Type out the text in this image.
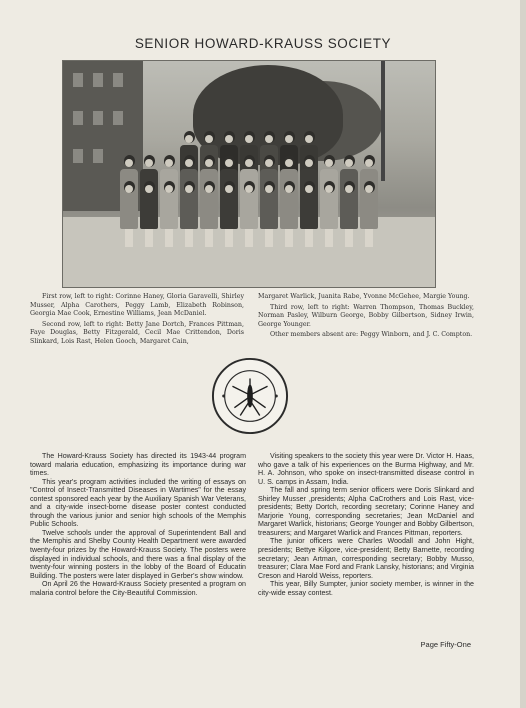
SENIOR HOWARD-KRAUSS SOCIETY

First row, left to right: Corinne Haney, Gloria Garavelli, Shirley Musser, Alpha Carothers, Peggy Lamb, Elizabeth Robinson, Georgia Mae Cook, Ernestine Williams, Jean McDaniel.

Second row, left to right: Betty Jane Dortch, Frances Pittman, Faye Douglas, Betty Fitzgerald, Cecil Mae Crittendon, Doris Slinkard, Lois Rast, Helen Gooch, Margaret Cain,

Margaret Warlick, Juanita Rabe, Yvonne McGehee, Margie Young.

Third row, left to right: Warren Thompson, Thomas Buckley, Norman Pasley, Wilburn George, Bobby Gilbertson, Sidney Irwin, George Younger.

Other members absent are: Peggy Winborn, and J. C. Compton.

The Howard-Krauss Society has directed its 1943-44 program toward malaria education, emphasizing its importance during war times.

This year's program activities included the writing of essays on "Control of Insect-Transmitted Diseases in Wartimes" for the essay contest sponsored each year by the Auxiliary Spanish War Veterans, and a city-wide insect-borne disease poster contest conducted through the various junior and senior high schools of the Memphis Public Schools.

Twelve schools under the approval of Superintendent Ball and the Memphis and Shelby County Health Department were awarded twenty-four prizes by the Howard-Krauss Society. The posters were displayed in individual schools, and there was a final display of the twenty-four winning posters in the lobby of the Board of Educatin Building. The posters were later displayed in Gerber's show window.

On April 26 the Howard-Krauss Society presented a program on malaria control before the City-Beautiful Commission.

Visiting speakers to the society this year were Dr. Victor H. Haas, who gave a talk of his experiences on the Burma Highway, and Mr. H. A. Johnson, who spoke on insect-transmitted disease control in U. S. camps in Assam, India.

The fall and spring term senior officers were Doris Slinkard and Shirley Musser ,presidents; Alpha CaCrothers and Lois Rast, vice-presidents; Betty Dortch, recording secretary; Corinne Haney and Marjorie Young, corresponding secretaries; Jean McDaniel and Margaret Warlick, historians; George Younger and Bobby Gilbertson, treasurers; and Margaret Warlick and Frances Pittman, reporters.

The junior officers were Charles Woodall and John Hight, presidents; Bettye Kilgore, vice-president; Betty Barnette, recording secretary; Jean Artman, corresponding secretary; Bobby Musso, treasurer; Clara Mae Ford and Frank Lansky, historians; and Virginia Creson and Harold Weiss, reporters.

This year, Billy Sumpter, junior society member, is winner in the city-wide essay contest.

Page Fifty-One
